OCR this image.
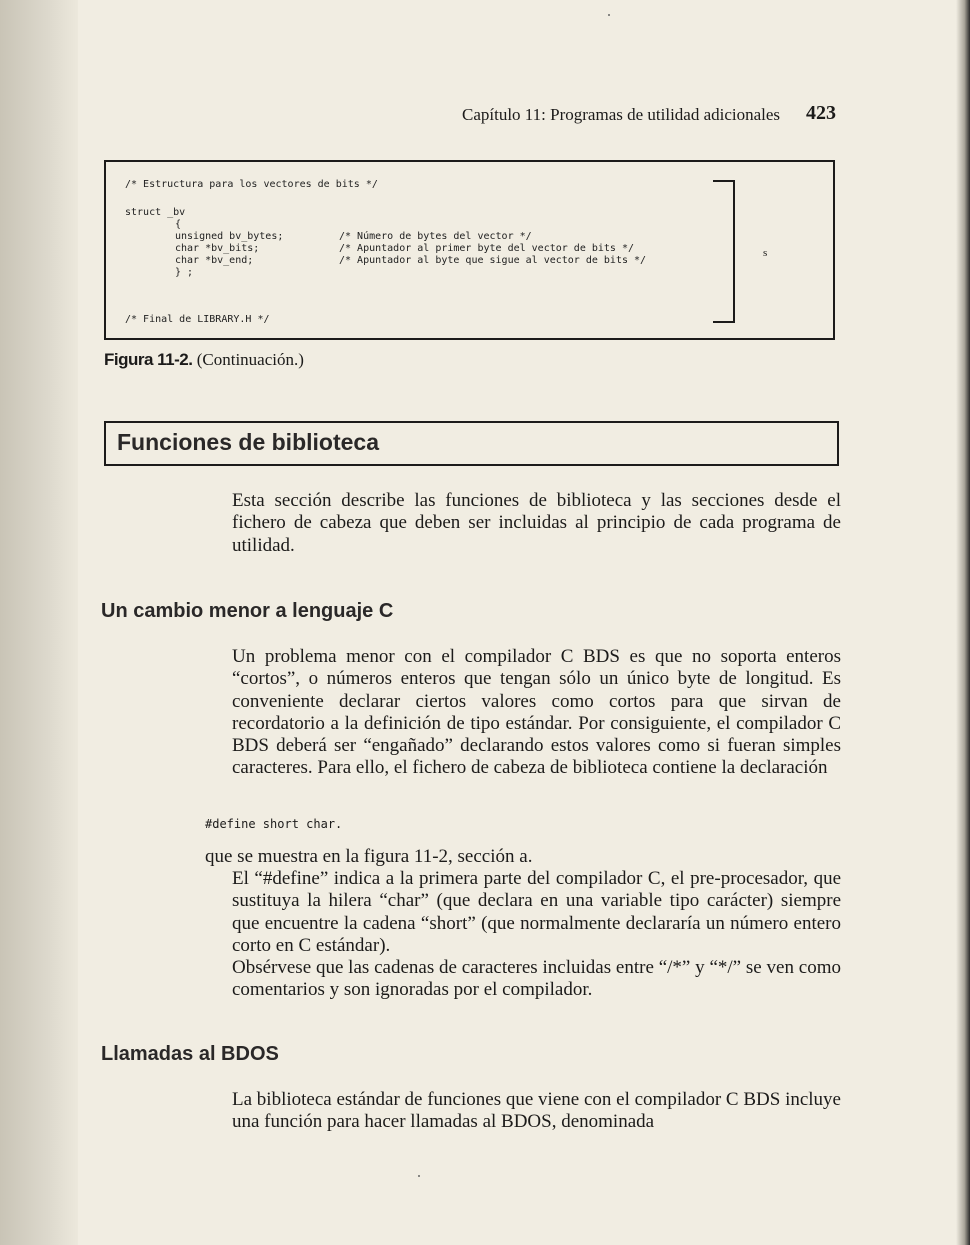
Capítulo 11: Programas de utilidad adicionales 423
/* Estructura para los vectores de bits */
struct _bv
{
unsigned bv_bytes;	/* Número de bytes del vector */
char *bv_bits;	/* Apuntador al primer byte del vector de bits */
char *bv_end;	/* Apuntador al byte que sigue al vector de bits */
} ;
/* Final de LIBRARY.H */
s
Figura 11-2. (Continuación.)
Funciones de biblioteca
Esta sección describe las funciones de biblioteca y las secciones desde el fichero de cabeza que deben ser incluidas al principio de cada programa de utilidad.
Un cambio menor a lenguaje C
Un problema menor con el compilador C BDS es que no soporta enteros “cortos”, o números enteros que tengan sólo un único byte de longitud. Es conveniente declarar ciertos valores como cortos para que sirvan de recordatorio a la definición de tipo estándar. Por consiguiente, el compilador C BDS deberá ser “engañado” declarando estos valores como si fueran simples caracteres. Para ello, el fichero de cabeza de biblioteca contiene la declaración
#define short char.
que se muestra en la figura 11-2, sección a.
El “#define” indica a la primera parte del compilador C, el pre-procesador, que sustituya la hilera “char” (que declara en una variable tipo carácter) siempre que encuentre la cadena “short” (que normalmente declararía un número entero corto en C estándar).
Obsérvese que las cadenas de caracteres incluidas entre “/*” y “*/” se ven como comentarios y son ignoradas por el compilador.
Llamadas al BDOS
La biblioteca estándar de funciones que viene con el compilador C BDS incluye una función para hacer llamadas al BDOS, denominada
